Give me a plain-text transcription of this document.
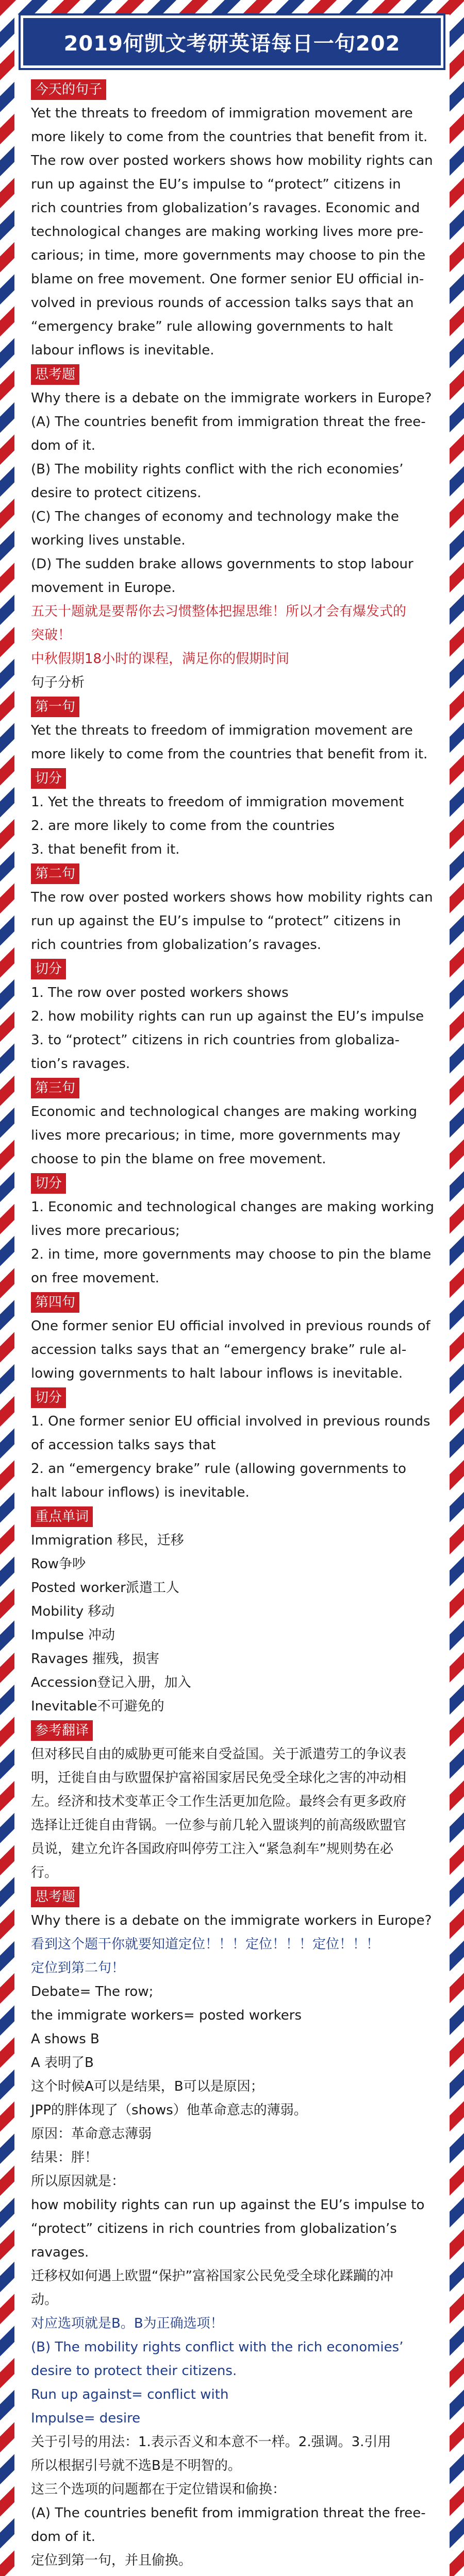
2019何凯文考研英语每日一句202
今天的句子

Yet the threats to freedom of immigration movement are

more likely to come from the countries that benefit from it.

The row over posted workers shows how mobility rights can

run up against the EU’s impulse to “protect” citizens in

rich countries from globalization’s ravages. Economic and

technological changes are making working lives more pre-

carious; in time, more governments may choose to pin the

blame on free movement. One former senior EU official in-

volved in previous rounds of accession talks says that an

“emergency brake” rule allowing governments to halt

labour inflows is inevitable.

思考题

Why there is a debate on the immigrate workers in Europe?

(A) The countries benefit from immigration threat the free-

dom of it.

(B) The mobility rights conflict with the rich economies’

desire to protect citizens.

(C) The changes of economy and technology make the

working lives unstable.

(D) The sudden brake allows governments to stop labour

movement in Europe.

五天十题就是要帮你去习惯整体把握思维！所以才会有爆发式的

突破！

中秋假期18小时的课程，满足你的假期时间

句子分析

第一句

Yet the threats to freedom of immigration movement are

more likely to come from the countries that benefit from it.

切分

1. Yet the threats to freedom of immigration movement

2. are more likely to come from the countries

3. that benefit from it.

第二句

The row over posted workers shows how mobility rights can

run up against the EU’s impulse to “protect” citizens in

rich countries from globalization’s ravages.

切分

1. The row over posted workers shows

2. how mobility rights can run up against the EU’s impulse

3. to “protect” citizens in rich countries from globaliza-

tion’s ravages.

第三句

Economic and technological changes are making working

lives more precarious; in time, more governments may

choose to pin the blame on free movement.

切分

1. Economic and technological changes are making working

lives more precarious;

2. in time, more governments may choose to pin the blame

on free movement.

第四句

One former senior EU official involved in previous rounds of

accession talks says that an “emergency brake” rule al-

lowing governments to halt labour inflows is inevitable.

切分

1. One former senior EU official involved in previous rounds

of accession talks says that

2. an “emergency brake” rule (allowing governments to

halt labour inflows) is inevitable.

重点单词

Immigration 移民，迁移

Row争吵

Posted worker派遣工人

Mobility 移动

Impulse 冲动

Ravages 摧残，损害

Accession登记入册，加入

Inevitable不可避免的

参考翻译

但对移民自由的威胁更可能来自受益国。关于派遣劳工的争议表

明，迁徙自由与欧盟保护富裕国家居民免受全球化之害的冲动相

左。经济和技术变革正令工作生活更加危险。最终会有更多政府

选择让迁徙自由背锅。一位参与前几轮入盟谈判的前高级欧盟官

员说，建立允许各国政府叫停劳工注入“紧急刹车”规则势在必

行。

思考题

Why there is a debate on the immigrate workers in Europe?

看到这个题干你就要知道定位！！！定位！！！定位！！！

定位到第二句！

Debate= The row;

the immigrate workers= posted workers

A shows B

A 表明了B

这个时候A可以是结果，B可以是原因；

JPP的胖体现了（shows）他革命意志的薄弱。

原因：革命意志薄弱

结果：胖！

所以原因就是：

how mobility rights can run up against the EU’s impulse to

“protect” citizens in rich countries from globalization’s

ravages.

迁移权如何遇上欧盟“保护”富裕国家公民免受全球化蹂躏的冲

动。

对应选项就是B。B为正确选项！

(B) The mobility rights conflict with the rich economies’

desire to protect their citizens.

Run up against= conflict with

Impulse= desire

关于引号的用法：1.表示否义和本意不一样。2.强调。3.引用

所以根据引号就不选B是不明智的。

这三个选项的问题都在于定位错误和偷换：

(A) The countries benefit from immigration threat the free-

dom of it.

定位到第一句，并且偷换。
